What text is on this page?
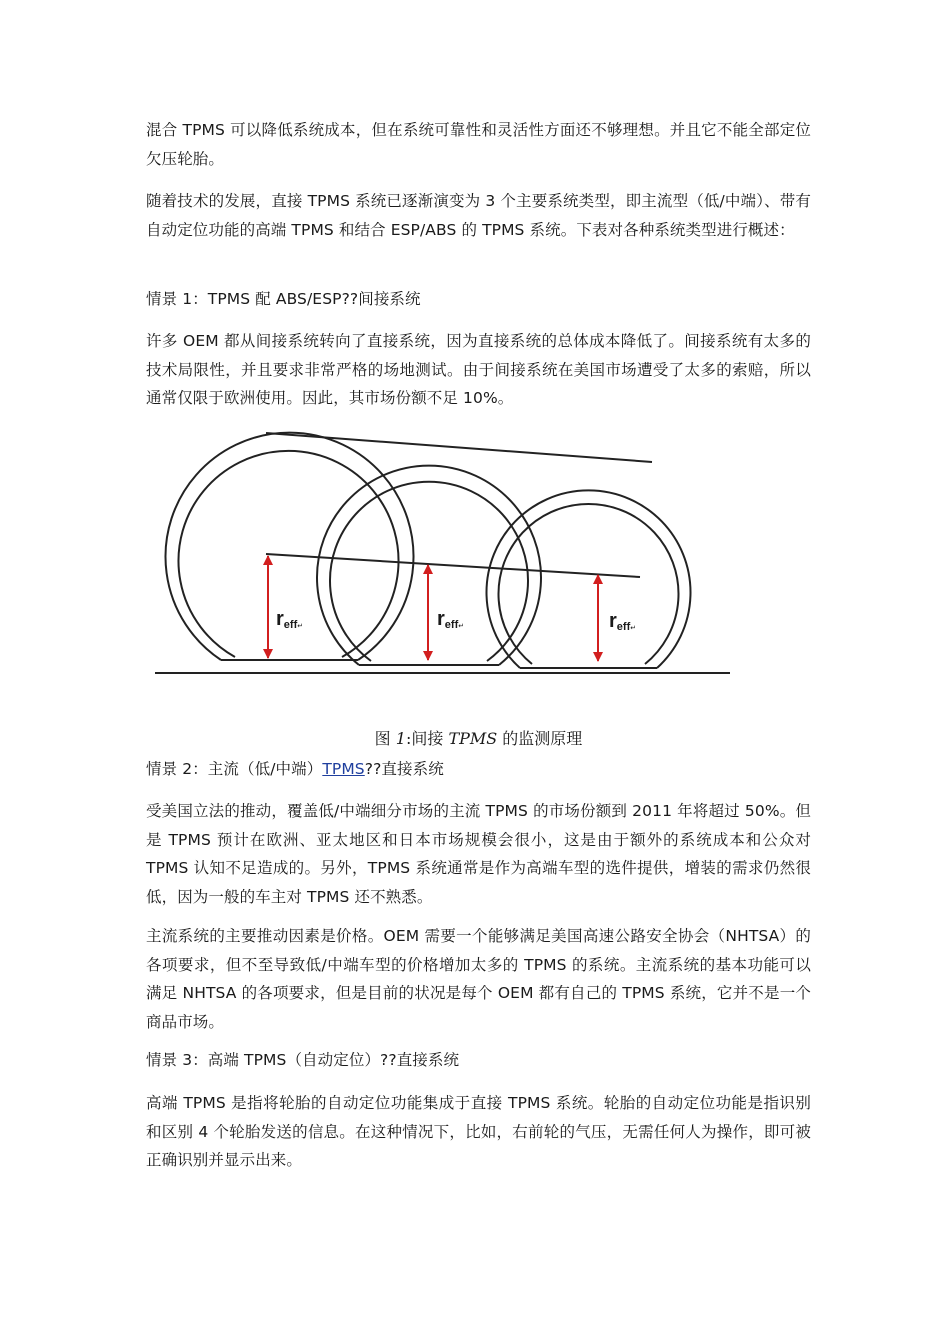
混合 TPMS 可以降低系统成本，但在系统可靠性和灵活性方面还不够理想。并且它不能全部定位欠压轮胎。

随着技术的发展，直接 TPMS 系统已逐渐演变为 3 个主要系统类型，即主流型（低/中端）、带有自动定位功能的高端 TPMS 和结合 ESP/ABS 的 TPMS 系统。下表对各种系统类型进行概述：

情景 1：TPMS 配 ABS/ESP??间接系统

许多 OEM 都从间接系统转向了直接系统，因为直接系统的总体成本降低了。间接系统有太多的技术局限性，并且要求非常严格的场地测试。由于间接系统在美国市场遭受了太多的索赔，所以通常仅限于欧洲使用。因此，其市场份额不足 10%。

reff↵	reff↵	reff↵
图 1:间接 TPMS 的监测原理

情景 2：主流（低/中端）TPMS??直接系统

受美国立法的推动，覆盖低/中端细分市场的主流 TPMS 的市场份额到 2011 年将超过 50%。但是 TPMS 预计在欧洲、亚太地区和日本市场规模会很小，这是由于额外的系统成本和公众对 TPMS 认知不足造成的。另外，TPMS 系统通常是作为高端车型的选件提供，增装的需求仍然很低，因为一般的车主对 TPMS 还不熟悉。

主流系统的主要推动因素是价格。OEM 需要一个能够满足美国高速公路安全协会（NHTSA）的各项要求，但不至导致低/中端车型的价格增加太多的 TPMS 的系统。主流系统的基本功能可以满足 NHTSA 的各项要求，但是目前的状况是每个 OEM 都有自己的 TPMS 系统，它并不是一个商品市场。

情景 3：高端 TPMS（自动定位）??直接系统

高端 TPMS 是指将轮胎的自动定位功能集成于直接 TPMS 系统。轮胎的自动定位功能是指识别和区别 4 个轮胎发送的信息。在这种情况下，比如，右前轮的气压，无需任何人为操作，即可被正确识别并显示出来。
